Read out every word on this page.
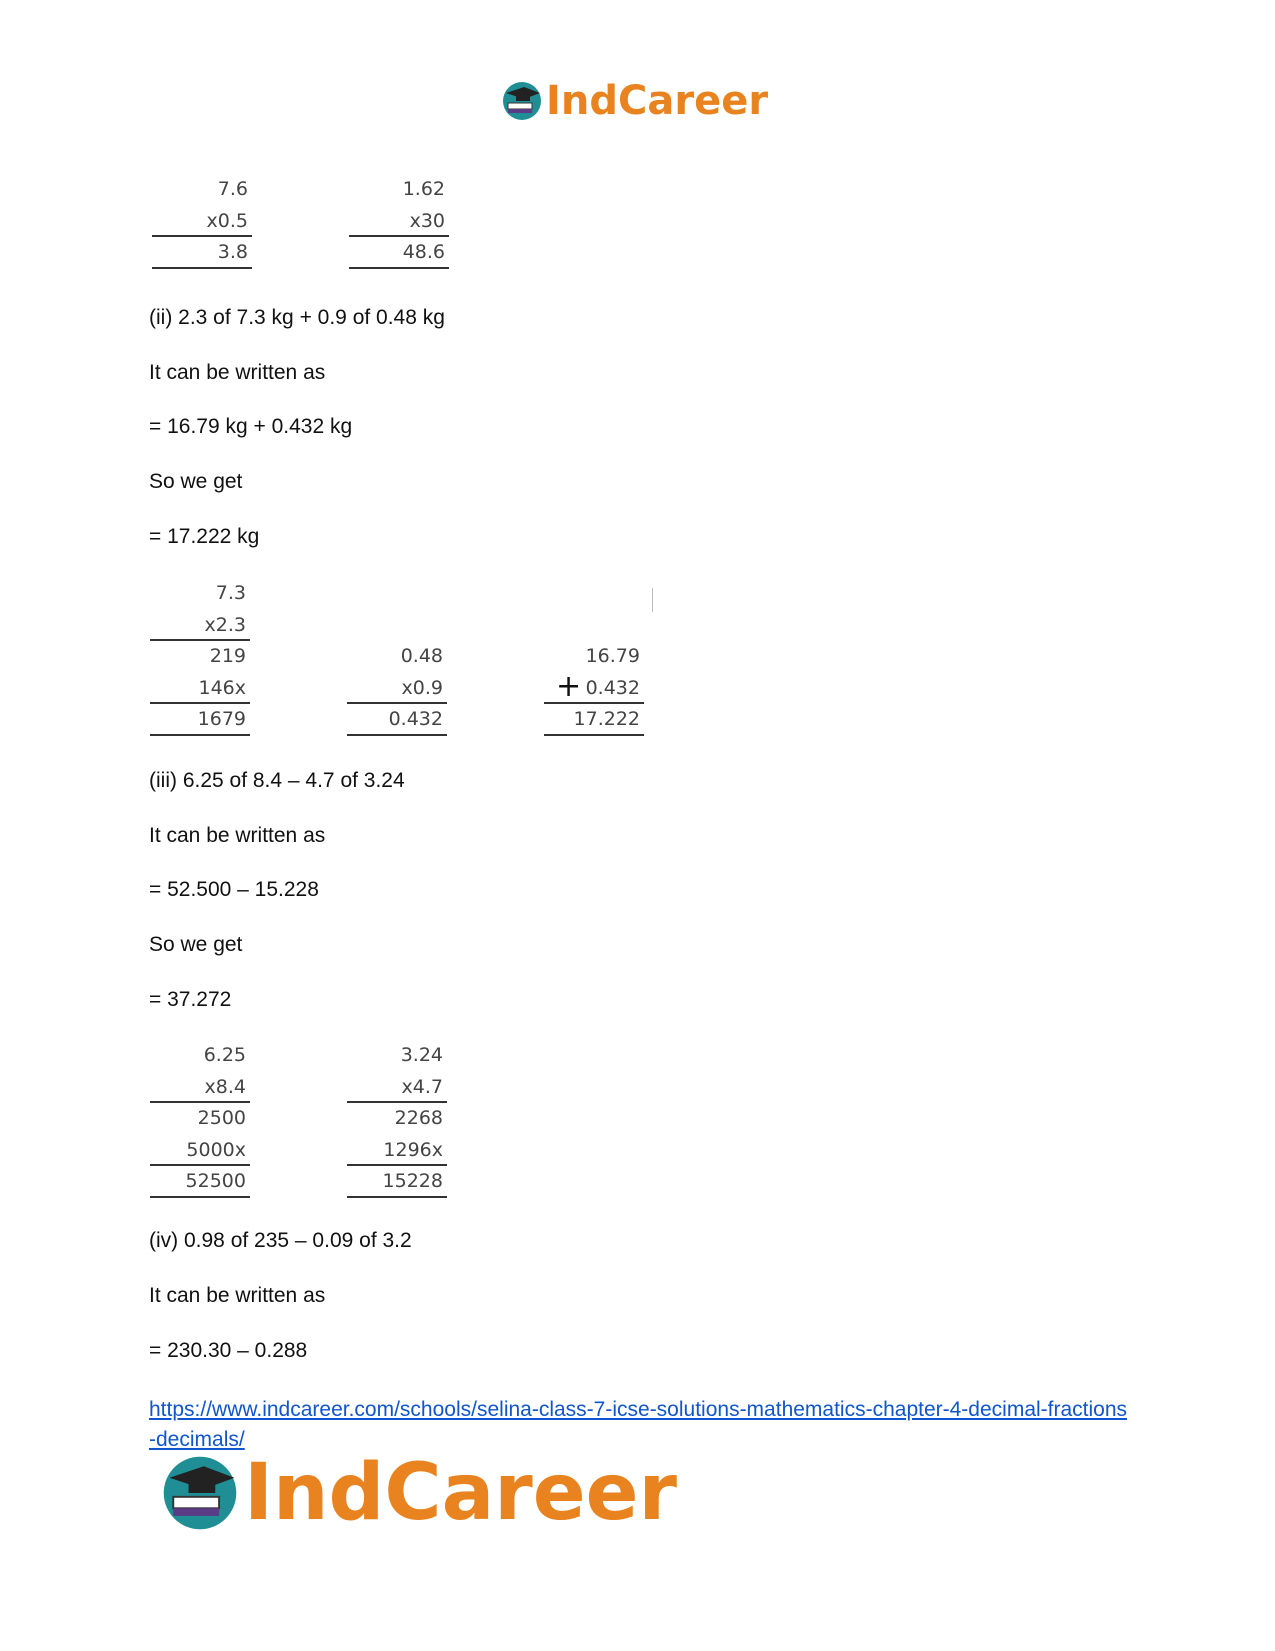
IndCareer
7.6
x0.5
3.8
1.62
x30
48.6
(ii) 2.3 of 7.3 kg + 0.9 of 0.48 kg
It can be written as
= 16.79 kg + 0.432 kg
So we get
= 17.222 kg
7.3
x2.3
219
146x
1679
0.48
x0.9
0.432
16.79
+ 0.432
17.222
(iii) 6.25 of 8.4 – 4.7 of 3.24
It can be written as
= 52.500 – 15.228
So we get
= 37.272
6.25
x8.4
2500
5000x
52500
3.24
x4.7
2268
1296x
15228
(iv) 0.98 of 235 – 0.09 of 3.2
It can be written as
= 230.30 – 0.288
https://www.indcareer.com/schools/selina-class-7-icse-solutions-mathematics-chapter-4-decimal-fractions-decimals/
IndCareer
